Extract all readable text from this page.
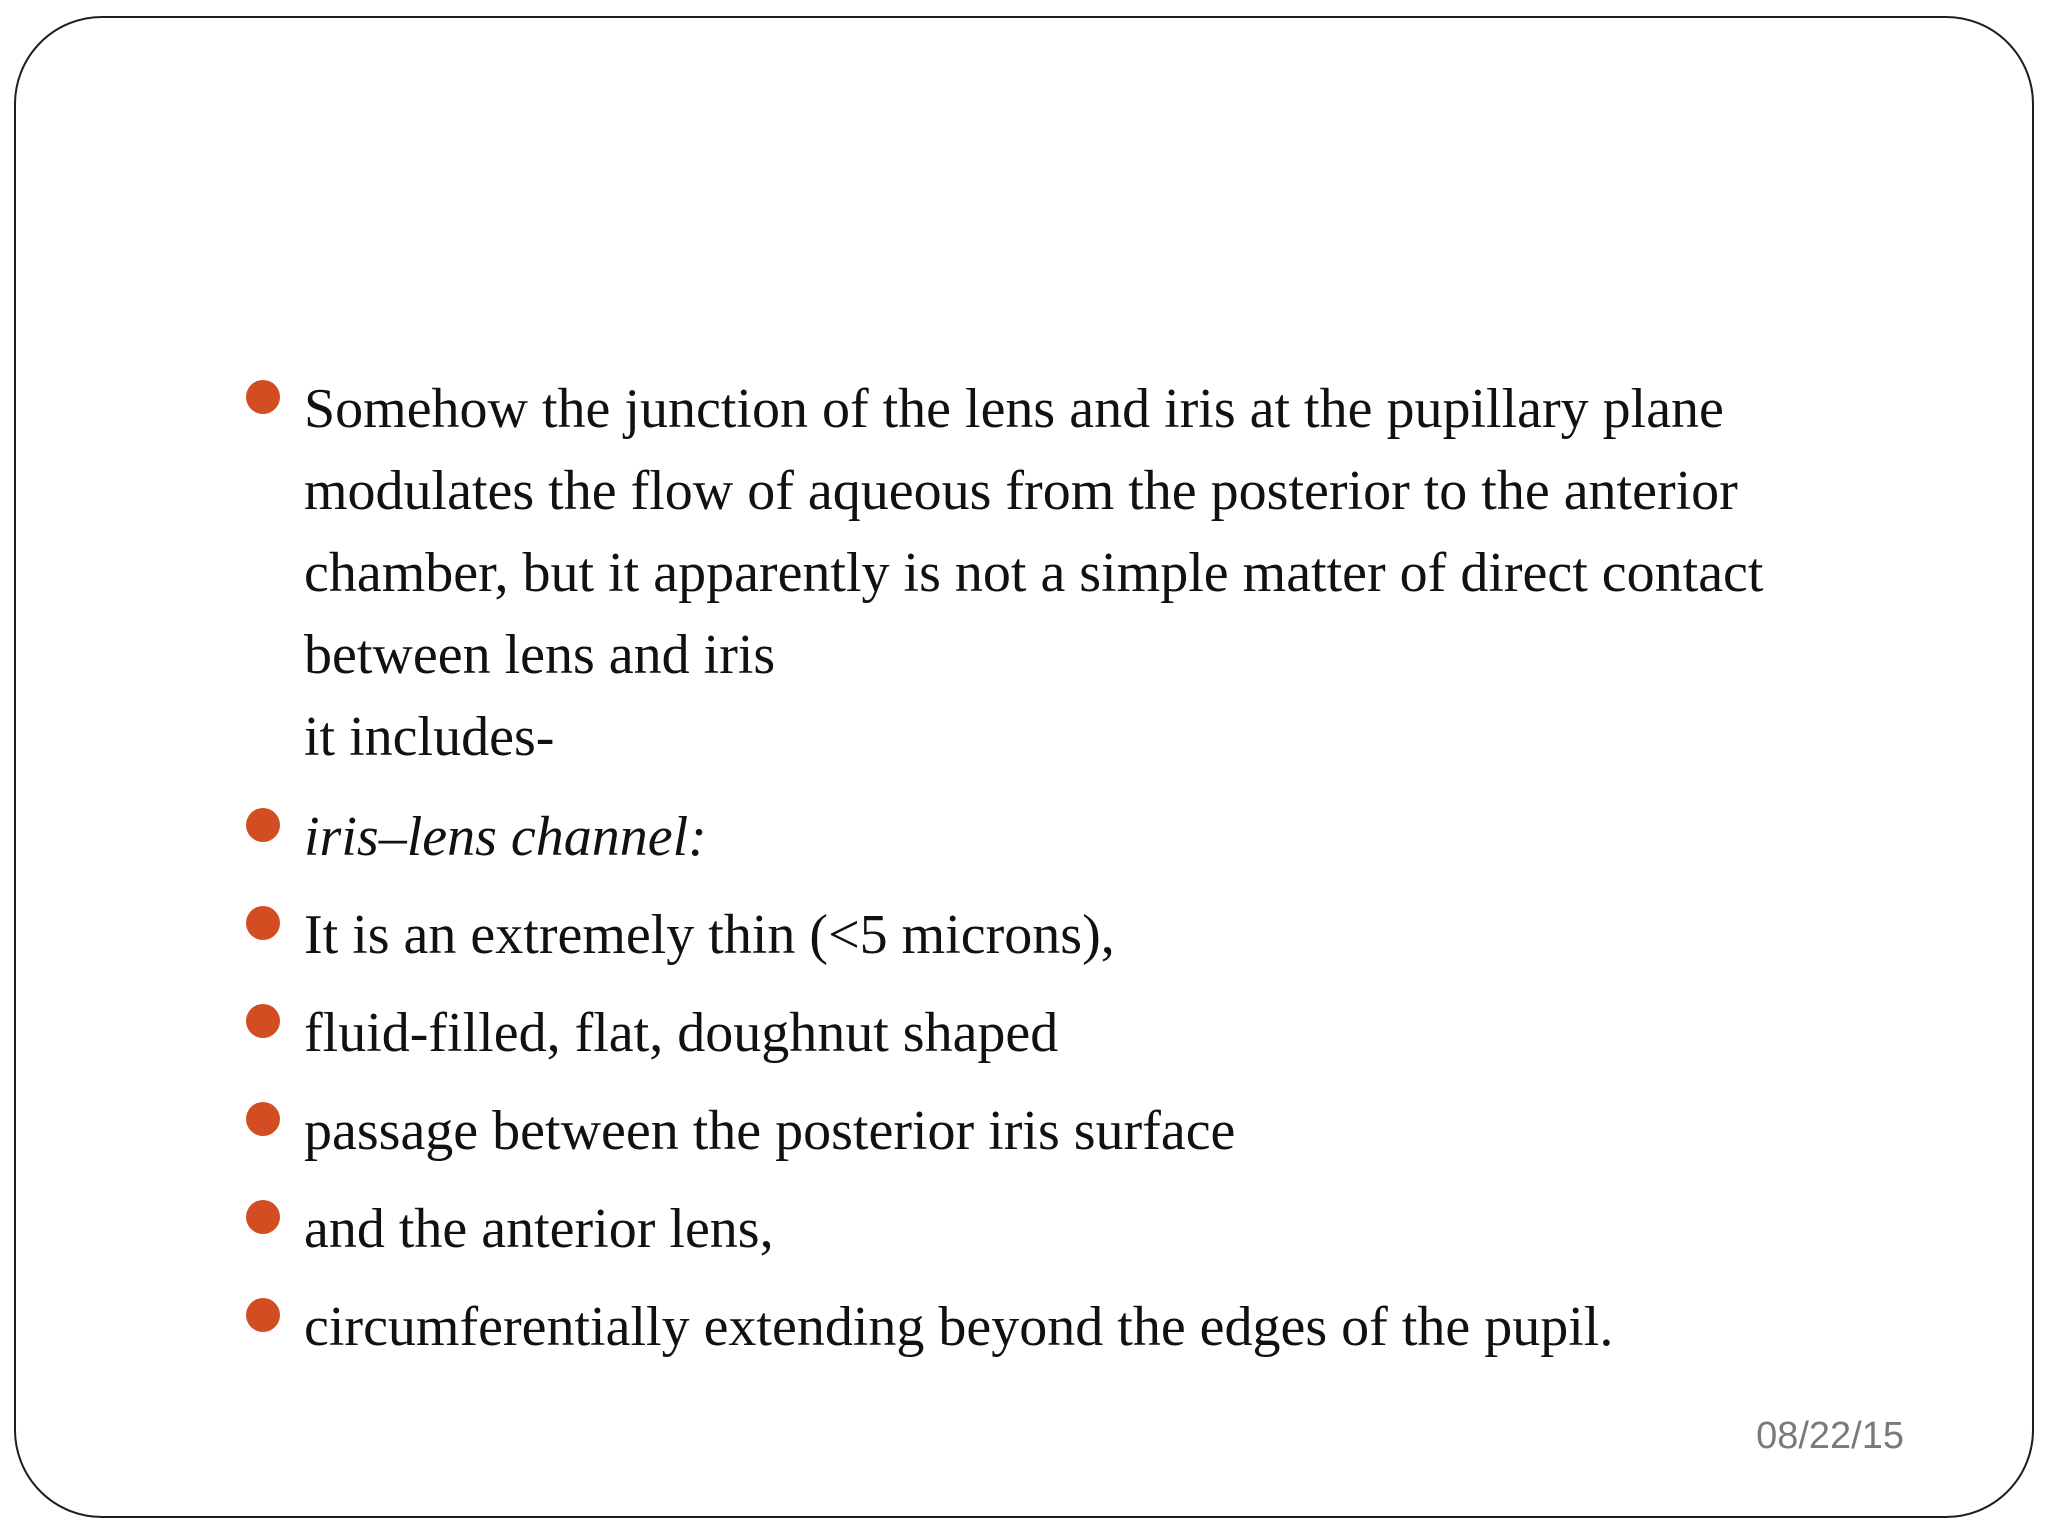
Somehow the junction of the lens and iris at the pupillary plane
modulates the flow of aqueous from the posterior to the anterior
chamber, but it apparently is not a simple matter of direct contact
between lens and iris
it includes-
iris–lens channel:
It is an extremely thin (<5 microns),
fluid-filled, flat, doughnut shaped
passage between the posterior iris surface
and the anterior lens,
circumferentially extending beyond the edges of the pupil.
08/22/15
